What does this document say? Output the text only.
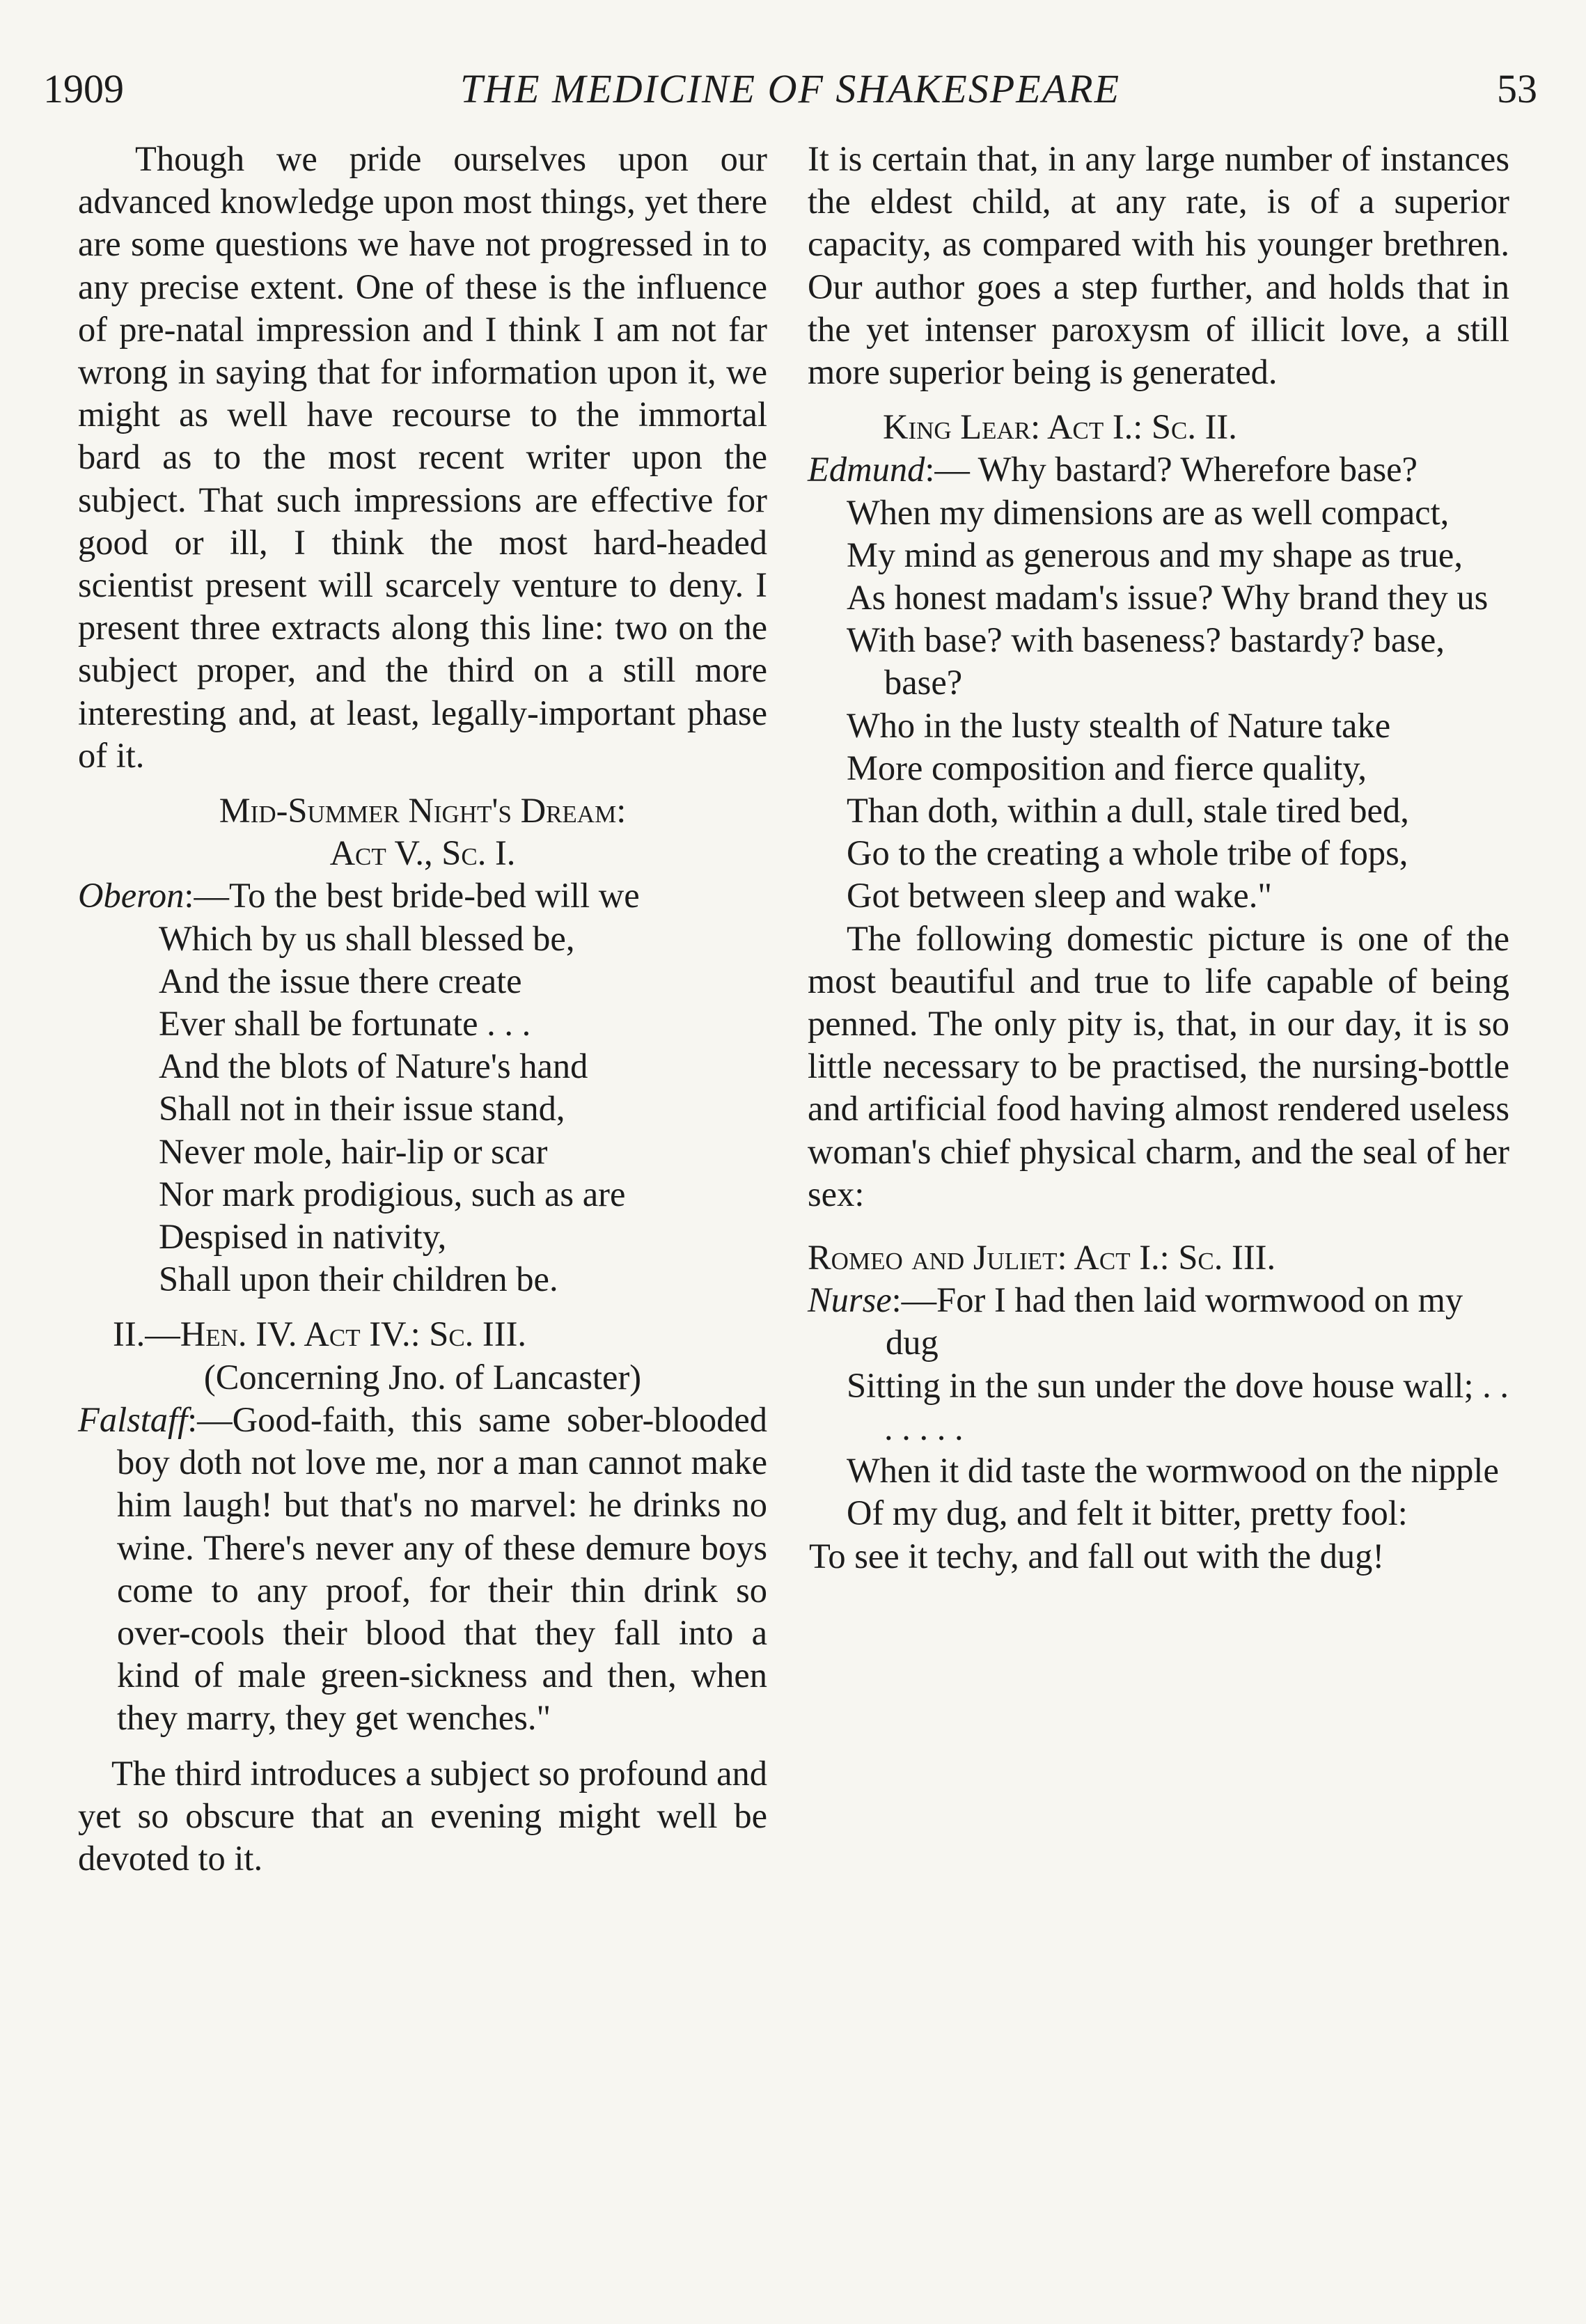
1909	THE MEDICINE OF SHAKESPEARE	53

Though we pride ourselves upon our advanced knowledge upon most things, yet there are some questions we have not progressed in to any precise extent. One of these is the influence of pre-natal impression and I think I am not far wrong in saying that for information upon it, we might as well have recourse to the immortal bard as to the most recent writer upon the subject. That such impressions are effective for good or ill, I think the most hard-headed scientist present will scarcely venture to deny. I present three extracts along this line: two on the subject proper, and the third on a still more interesting and, at least, legally-important phase of it.

Mid-Summer Night's Dream:

Act V., Sc. I.

Oberon:—To the best bride-bed will we

Which by us shall blessed be,

And the issue there create

Ever shall be fortunate . . .

And the blots of Nature's hand

Shall not in their issue stand,

Never mole, hair-lip or scar

Nor mark prodigious, such as are

Despised in nativity,

Shall upon their children be.

II.—Hen. IV. Act IV.: Sc. III.

(Concerning Jno. of Lancaster)

Falstaff:—Good-faith, this same sober-blooded boy doth not love me, nor a man cannot make him laugh! but that's no marvel: he drinks no wine. There's never any of these demure boys come to any proof, for their thin drink so over-cools their blood that they fall into a kind of male green-sickness and then, when they marry, they get wenches."

The third introduces a subject so profound and yet so obscure that an evening might well be devoted to it.

It is certain that, in any large number of instances the eldest child, at any rate, is of a superior capacity, as compared with his younger brethren. Our author goes a step further, and holds that in the yet intenser paroxysm of illicit love, a still more superior being is generated.

King Lear: Act I.: Sc. II.

Edmund:— Why bastard? Wherefore base?

When my dimensions are as well compact,

My mind as generous and my shape as true,

As honest madam's issue? Why brand they us

With base? with baseness? bastardy? base, base?

Who in the lusty stealth of Nature take

More composition and fierce quality,

Than doth, within a dull, stale tired bed,

Go to the creating a whole tribe of fops,

Got between sleep and wake."

The following domestic picture is one of the most beautiful and true to life capable of being penned. The only pity is, that, in our day, it is so little necessary to be practised, the nursing-bottle and artificial food having almost rendered useless woman's chief physical charm, and the seal of her sex:

Romeo and Juliet: Act I.: Sc. III.

Nurse:—For I had then laid wormwood on my dug

Sitting in the sun under the dove house wall; . . . . . . .

When it did taste the wormwood on the nipple

Of my dug, and felt it bitter, pretty fool:

To see it techy, and fall out with the dug!
